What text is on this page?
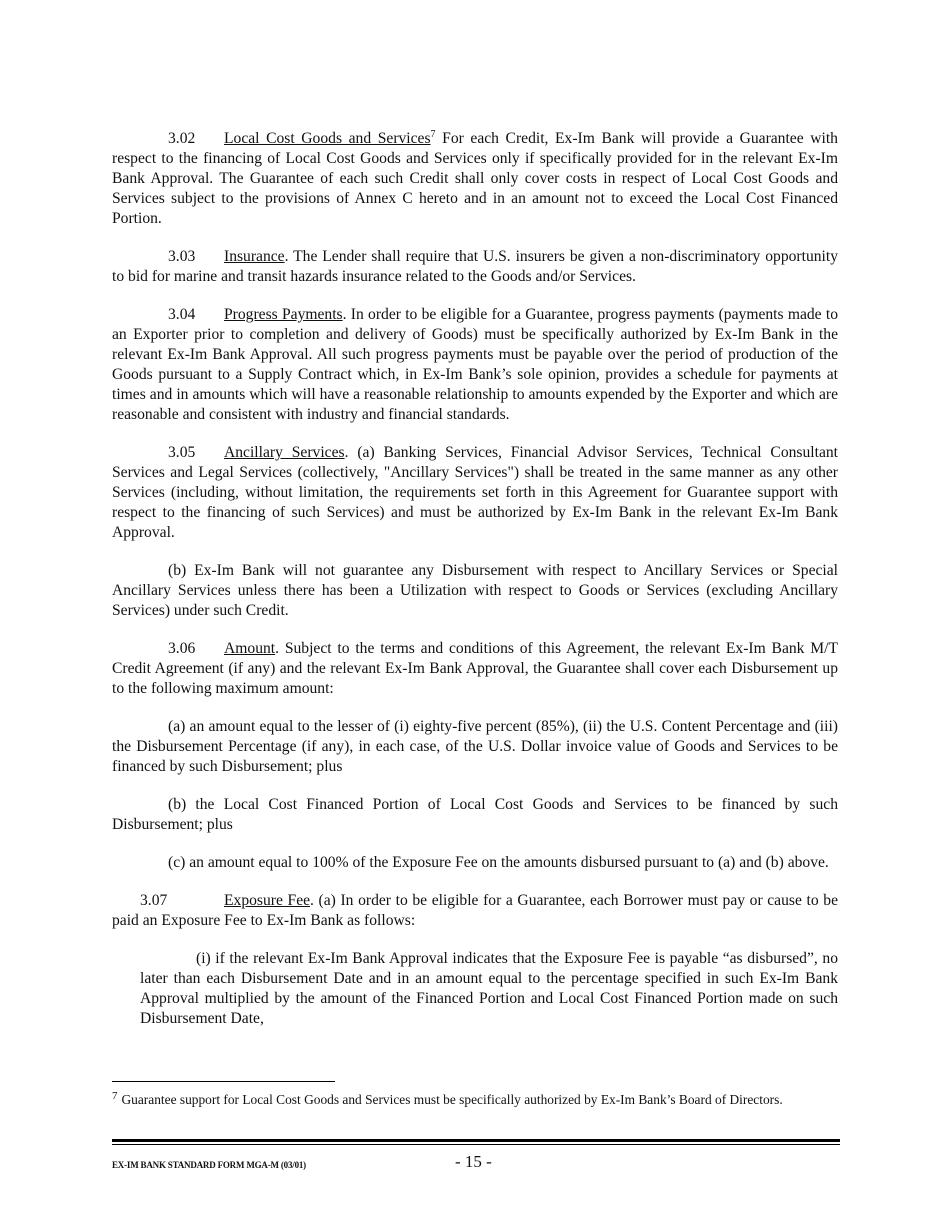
3.02 Local Cost Goods and Services$^7$ For each Credit, Ex-Im Bank will provide a Guarantee with respect to the financing of Local Cost Goods and Services only if specifically provided for in the relevant Ex-Im Bank Approval. The Guarantee of each such Credit shall only cover costs in respect of Local Cost Goods and Services subject to the provisions of Annex C hereto and in an amount not to exceed the Local Cost Financed Portion.

3.03 Insurance. The Lender shall require that U.S. insurers be given a non-discriminatory opportunity to bid for marine and transit hazards insurance related to the Goods and/or Services.

3.04 Progress Payments. In order to be eligible for a Guarantee, progress payments (payments made to an Exporter prior to completion and delivery of Goods) must be specifically authorized by Ex-Im Bank in the relevant Ex-Im Bank Approval. All such progress payments must be payable over the period of production of the Goods pursuant to a Supply Contract which, in Ex-Im Bank’s sole opinion, provides a schedule for payments at times and in amounts which will have a reasonable relationship to amounts expended by the Exporter and which are reasonable and consistent with industry and financial standards.

3.05 Ancillary Services. (a) Banking Services, Financial Advisor Services, Technical Consultant Services and Legal Services (collectively, "Ancillary Services") shall be treated in the same manner as any other Services (including, without limitation, the requirements set forth in this Agreement for Guarantee support with respect to the financing of such Services) and must be authorized by Ex-Im Bank in the relevant Ex-Im Bank Approval.

(b) Ex-Im Bank will not guarantee any Disbursement with respect to Ancillary Services or Special Ancillary Services unless there has been a Utilization with respect to Goods or Services (excluding Ancillary Services) under such Credit.

3.06 Amount. Subject to the terms and conditions of this Agreement, the relevant Ex-Im Bank M/T Credit Agreement (if any) and the relevant Ex-Im Bank Approval, the Guarantee shall cover each Disbursement up to the following maximum amount:

(a) an amount equal to the lesser of (i) eighty-five percent (85%), (ii) the U.S. Content Percentage and (iii) the Disbursement Percentage (if any), in each case, of the U.S. Dollar invoice value of Goods and Services to be financed by such Disbursement; plus

(b) the Local Cost Financed Portion of Local Cost Goods and Services to be financed by such Disbursement; plus

(c) an amount equal to 100% of the Exposure Fee on the amounts disbursed pursuant to (a) and (b) above.

3.07	Exposure Fee. (a) In order to be eligible for a Guarantee, each Borrower must pay or cause to be paid an Exposure Fee to Ex-Im Bank as follows:

(i) if the relevant Ex-Im Bank Approval indicates that the Exposure Fee is payable “as disbursed”, no later than each Disbursement Date and in an amount equal to the percentage specified in such Ex-Im Bank Approval multiplied by the amount of the Financed Portion and Local Cost Financed Portion made on such Disbursement Date,

$^7$ Guarantee support for Local Cost Goods and Services must be specifically authorized by Ex-Im Bank’s Board of Directors.
EX-IM BANK STANDARD FORM MGA-M (03/01)	- 15 -
